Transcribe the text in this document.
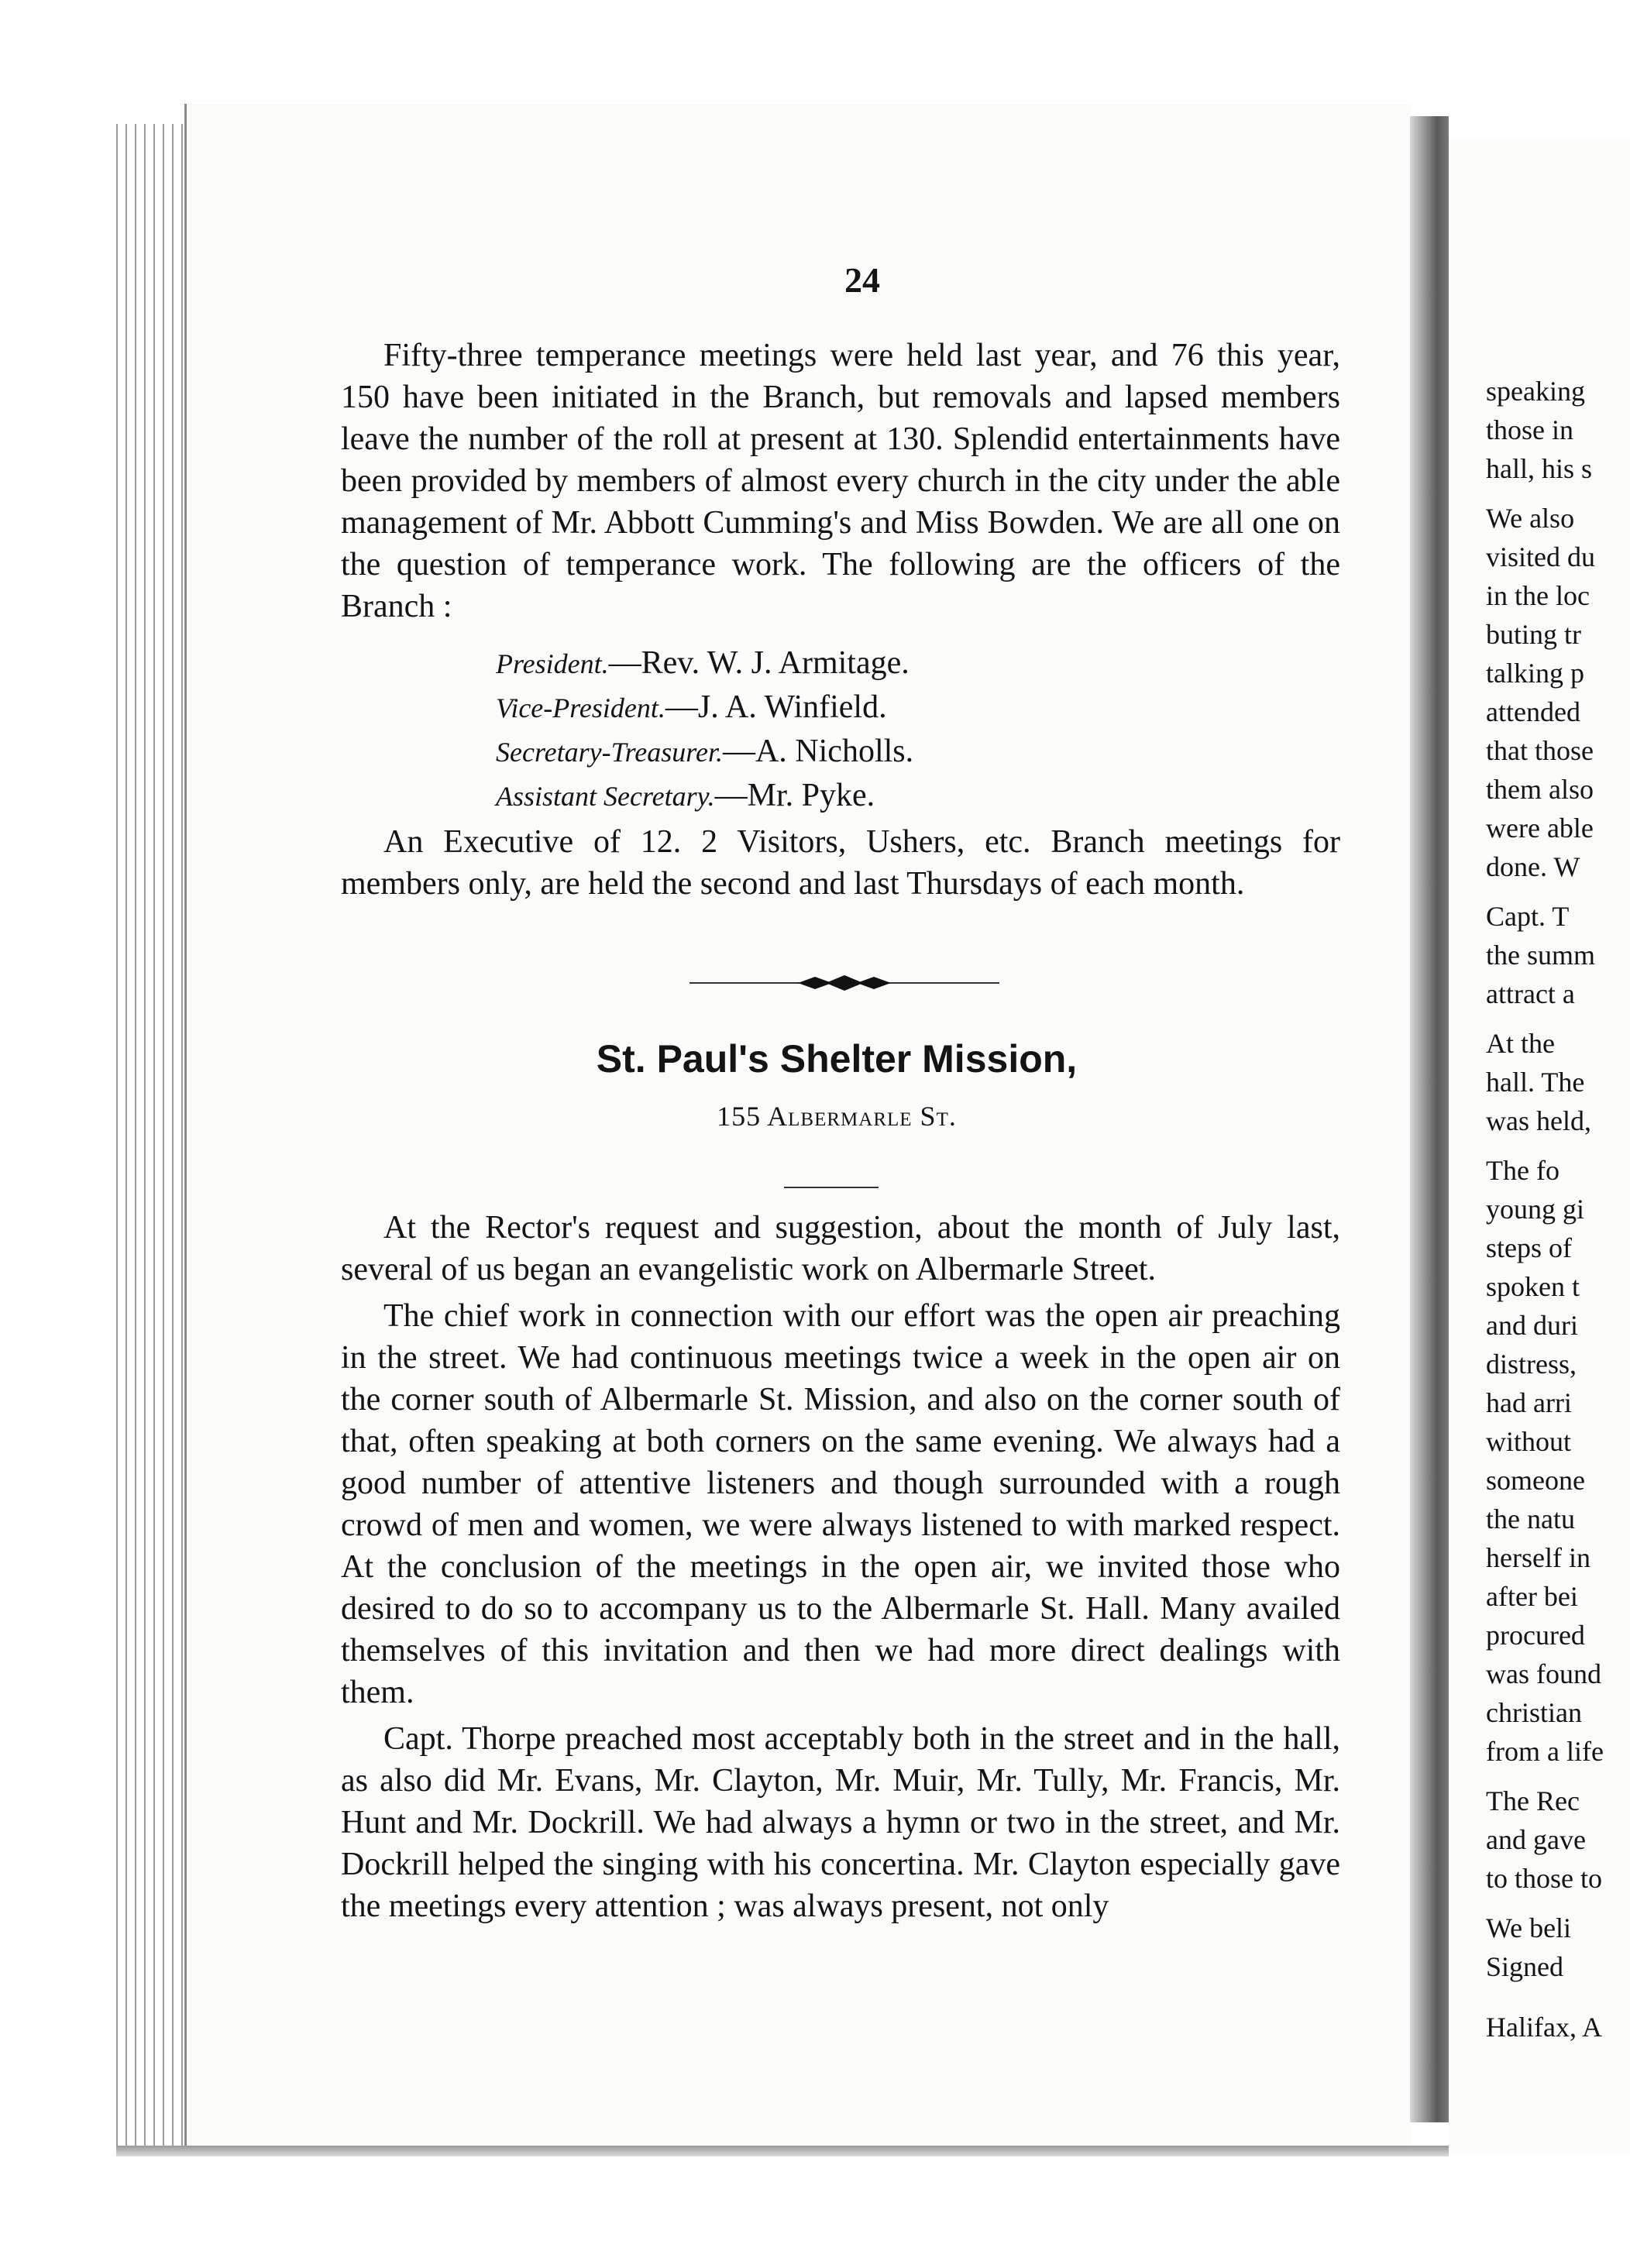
24

Fifty-three temperance meetings were held last year, and 76 this year, 150 have been initiated in the Branch, but removals and lapsed members leave the number of the roll at present at 130. Splendid entertainments have been provided by members of almost every church in the city under the able management of Mr. Abbott Cumming's and Miss Bowden. We are all one on the question of temperance work. The following are the officers of the Branch :

President.—Rev. W. J. Armitage.
Vice-President.—J. A. Winfield.
Secretary-Treasurer.—A. Nicholls.
Assistant Secretary.—Mr. Pyke.

An Executive of 12. 2 Visitors, Ushers, etc. Branch meetings for members only, are held the second and last Thursdays of each month.

St. Paul's Shelter Mission,
155 Albermarle St.

At the Rector's request and suggestion, about the month of July last, several of us began an evangelistic work on Albermarle Street.

The chief work in connection with our effort was the open air preaching in the street. We had continuous meetings twice a week in the open air on the corner south of Albermarle St. Mission, and also on the corner south of that, often speaking at both corners on the same evening. We always had a good number of attentive listeners and though surrounded with a rough crowd of men and women, we were always listened to with marked respect. At the conclusion of the meetings in the open air, we invited those who desired to do so to accompany us to the Albermarle St. Hall. Many availed themselves of this invitation and then we had more direct dealings with them.

Capt. Thorpe preached most acceptably both in the street and in the hall, as also did Mr. Evans, Mr. Clayton, Mr. Muir, Mr. Tully, Mr. Francis, Mr. Hunt and Mr. Dockrill. We had always a hymn or two in the street, and Mr. Dockrill helped the singing with his concertina. Mr. Clayton especially gave the meetings every attention ; was always present, not only

speaking
those in
hall, his s
We also
visited du
in the loc
buting tr
talking p
attended
that those
them also
were able
done. W
Capt. T
the summ
attract a
At the
hall. The
was held,
The fo
young gi
steps of
spoken t
and duri
distress,
had arri
without
someone
the natu
herself in
after bei
procured
was found
christian
from a life
The Rec
and gave
to those to
We beli
Signed
Halifax, A
